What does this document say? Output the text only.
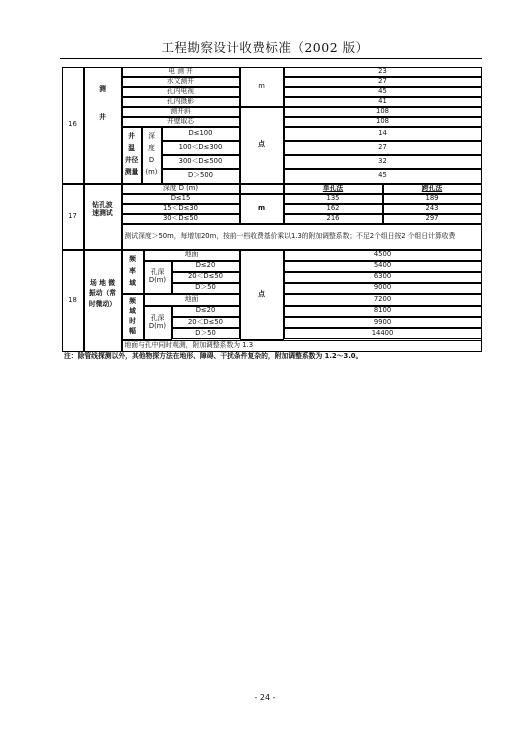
工程勘察设计收费标准（2002 版）
16
测
井
电 测 井
水文测井
孔内电视
孔内摄影
测井斜
井壁取芯
井
温
井径
测量
深
度
D
(m)
D≤100
100＜D≤300
300＜D≤500
D＞500
m
点
23
27
45
41
108
108
14
27
32
45
17
钻孔波
速测试
深度 D (m)	单孔法	跨孔法
D≤15
15＜D≤30
30＜D≤50
m
135
162
216
189
243
297
测试深度＞50m，每增加20m，按前一档收费基价乘以1.3的附加调整系数；不足2个组日按2 个组日计算收费
18
场 地 微
振动（常
时微动）
频
率
域
地面
孔深
D(m)
D≤20
20＜D≤50
D＞50
频
域
时
幅
地面
孔深
D(m)
D≤20
20＜D≤50
D＞50
点
4500
5400
6300
9000
7200
8100
9900
14400
地面与孔中同时观测，附加调整系数为 1.3
注：除管线探测以外，其他物探方法在地形、障碍、干扰条件复杂的，附加调整系数为 1.2～3.0。
- 24 -
